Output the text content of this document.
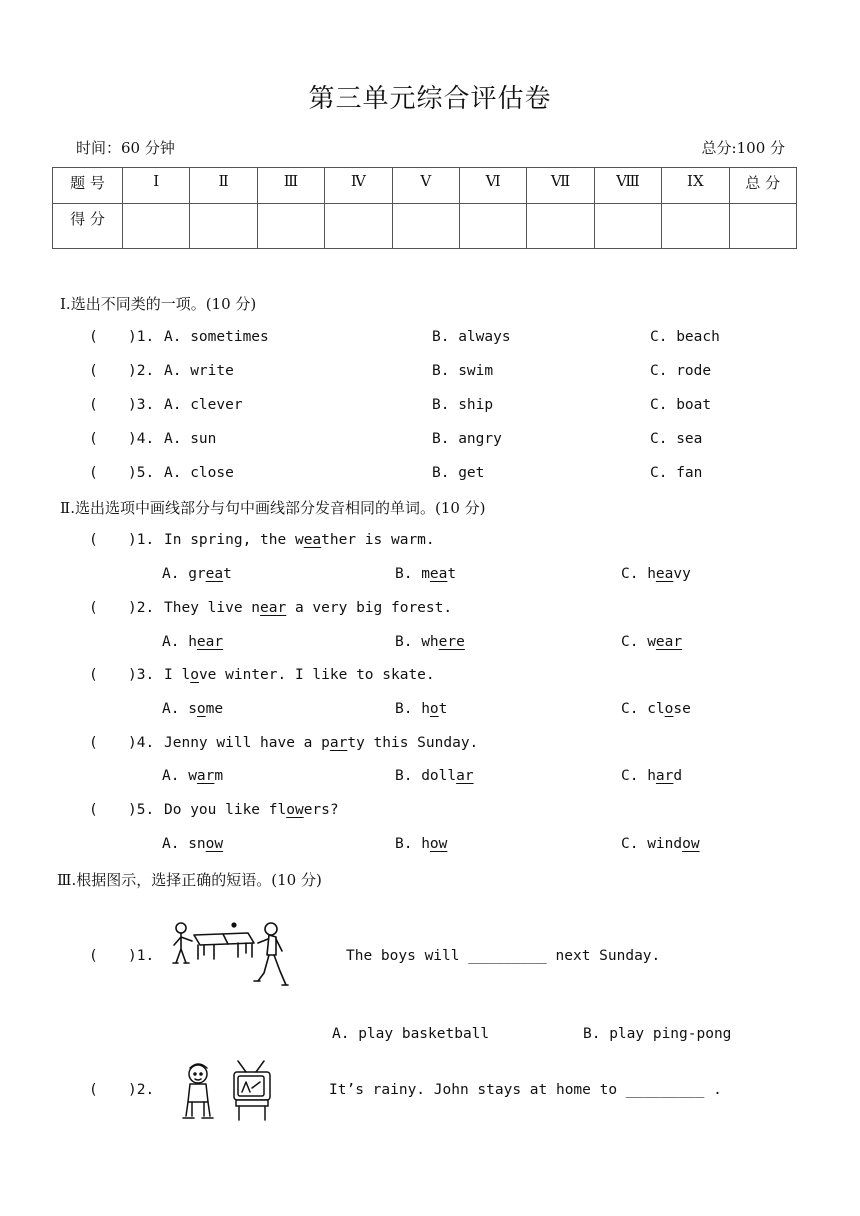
第三单元综合评估卷
时间：60 分钟	总分:100 分
题 号	Ⅰ	Ⅱ	Ⅲ	Ⅳ	Ⅴ	Ⅵ	Ⅶ	Ⅷ	ⅠX	总 分
得 分										
Ⅰ.选出不同类的一项。(10 分)
( )1. A. sometimes	B. always	C. beach
( )2. A. write	B. swim	C. rode
( )3. A. clever	B. ship	C. boat
( )4. A. sun	B. angry	C. sea
( )5. A. close	B. get	C. fan
Ⅱ.选出选项中画线部分与句中画线部分发音相同的单词。(10 分)
( )1. In spring, the weather is warm.
A. great	B. meat	C. heavy
( )2. They live near a very big forest.
A. hear	B. where	C. wear
( )3. I love winter. I like to skate.
A. some	B. hot	C. close
( )4. Jenny will have a party this Sunday.
A. warm	B. dollar	C. hard
( )5. Do you like flowers?
A. snow	B. how	C. window
Ⅲ.根据图示，选择正确的短语。(10 分)
( )1.	The boys will _________ next Sunday.
A. play basketball	B. play ping-pong
( )2.	It’s rainy. John stays at home to _________ .
